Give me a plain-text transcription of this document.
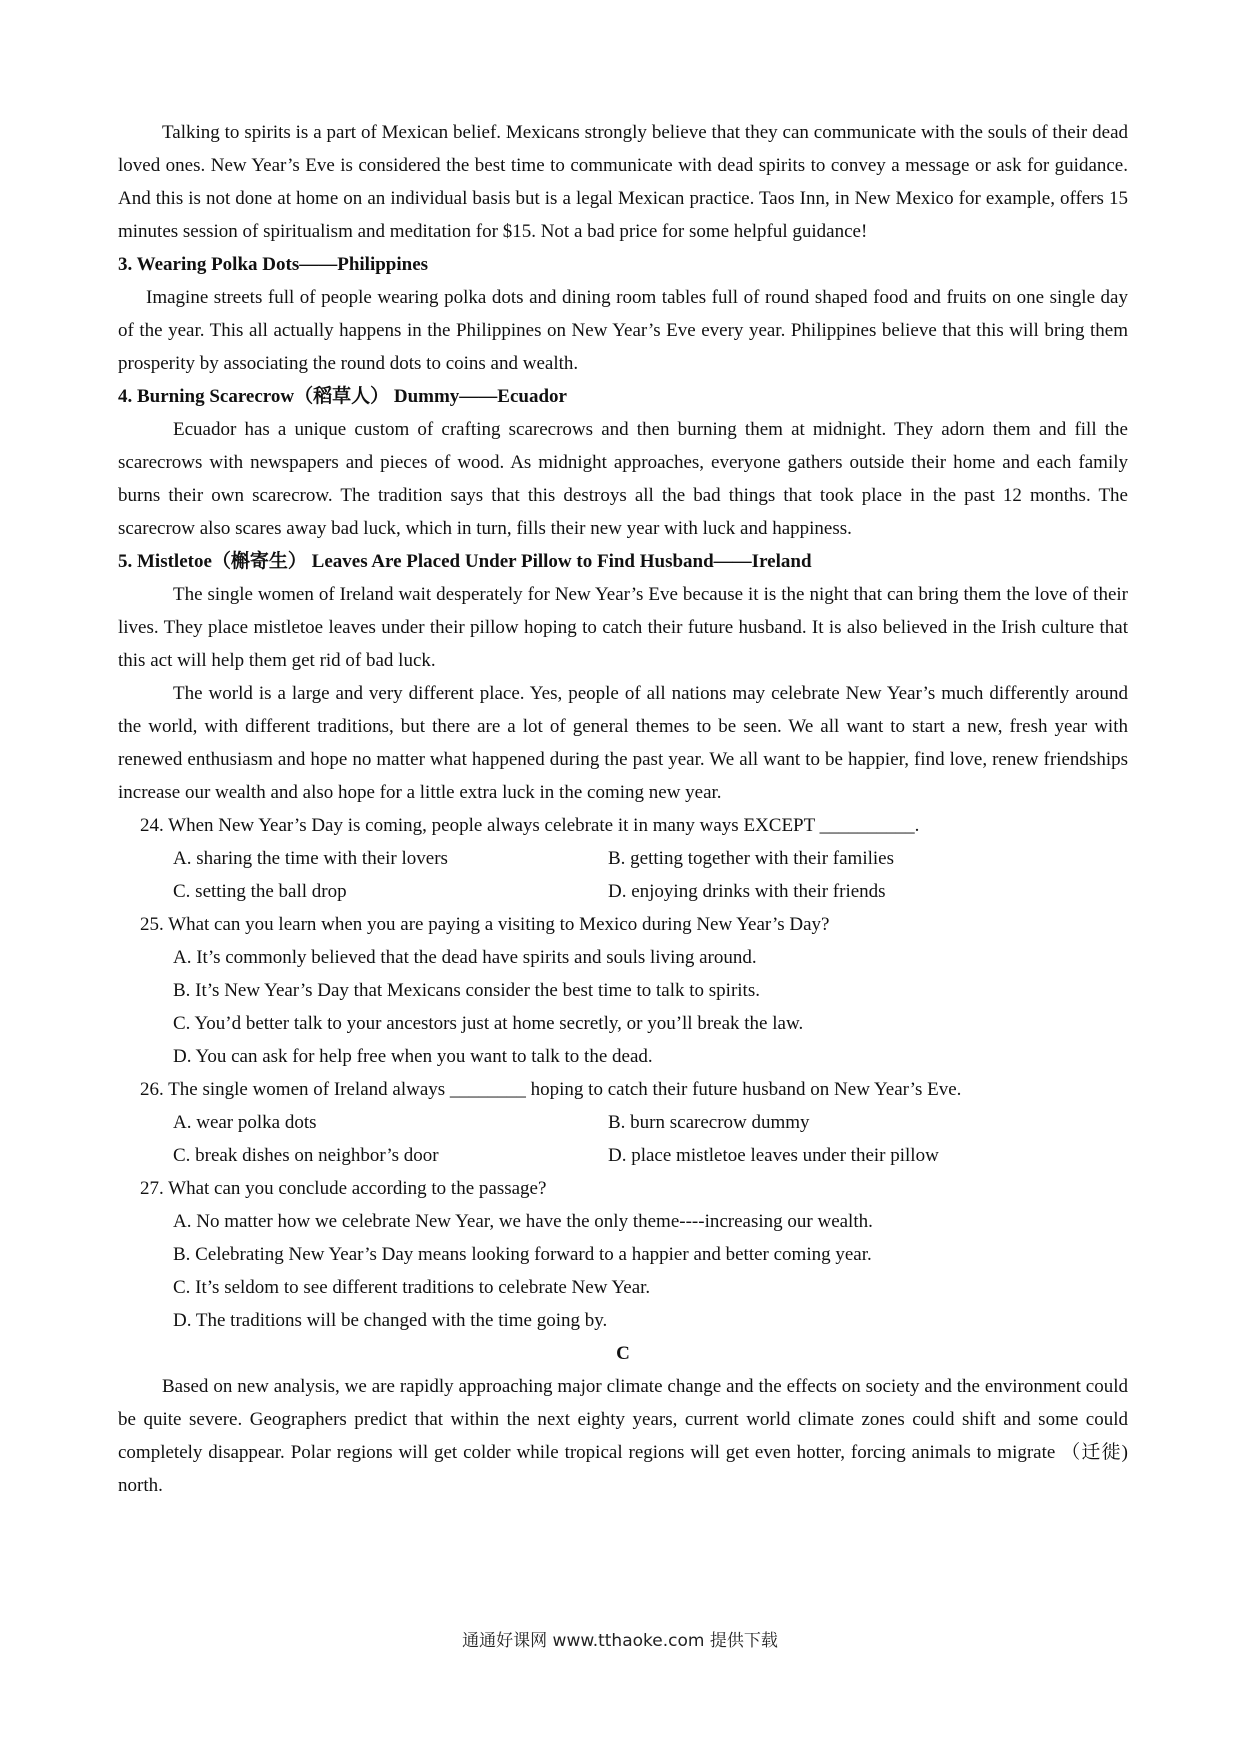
Talking to spirits is a part of Mexican belief. Mexicans strongly believe that they can communicate with the souls of their dead loved ones. New Year’s Eve is considered the best time to communicate with dead spirits to convey a message or ask for guidance. And this is not done at home on an individual basis but is a legal Mexican practice. Taos Inn, in New Mexico for example, offers 15 minutes session of spiritualism and meditation for $15. Not a bad price for some helpful guidance!

3. Wearing Polka Dots——Philippines

Imagine streets full of people wearing polka dots and dining room tables full of round shaped food and fruits on one single day of the year. This all actually happens in the Philippines on New Year’s Eve every year. Philippines believe that this will bring them prosperity by associating the round dots to coins and wealth.

4. Burning Scarecrow（稻草人） Dummy——Ecuador

Ecuador has a unique custom of crafting scarecrows and then burning them at midnight. They adorn them and fill the scarecrows with newspapers and pieces of wood. As midnight approaches, everyone gathers outside their home and each family burns their own scarecrow. The tradition says that this destroys all the bad things that took place in the past 12 months. The scarecrow also scares away bad luck, which in turn, fills their new year with luck and happiness.

5. Mistletoe（槲寄生） Leaves Are Placed Under Pillow to Find Husband——Ireland

The single women of Ireland wait desperately for New Year’s Eve because it is the night that can bring them the love of their lives. They place mistletoe leaves under their pillow hoping to catch their future husband. It is also believed in the Irish culture that this act will help them get rid of bad luck.

The world is a large and very different place. Yes, people of all nations may celebrate New Year’s much differently around the world, with different traditions, but there are a lot of general themes to be seen. We all want to start a new, fresh year with renewed enthusiasm and hope no matter what happened during the past year. We all want to be happier, find love, renew friendships increase our wealth and also hope for a little extra luck in the coming new year.

24. When New Year’s Day is coming, people always celebrate it in many ways EXCEPT __________.

A. sharing the time with their lovers	B. getting together with their families
C. setting the ball drop	D. enjoying drinks with their friends

25. What can you learn when you are paying a visiting to Mexico during New Year’s Day?

A. It’s commonly believed that the dead have spirits and souls living around.

B. It’s New Year’s Day that Mexicans consider the best time to talk to spirits.

C. You’d better talk to your ancestors just at home secretly, or you’ll break the law.

D. You can ask for help free when you want to talk to the dead.

26. The single women of Ireland always ________ hoping to catch their future husband on New Year’s Eve.

A. wear polka dots	B. burn scarecrow dummy
C. break dishes on neighbor’s door	D. place mistletoe leaves under their pillow

27. What can you conclude according to the passage?

A. No matter how we celebrate New Year, we have the only theme----increasing our wealth.

B. Celebrating New Year’s Day means looking forward to a happier and better coming year.

C. It’s seldom to see different traditions to celebrate New Year.

D. The traditions will be changed with the time going by.

C

Based on new analysis, we are rapidly approaching major climate change and the effects on society and the environment could be quite severe. Geographers predict that within the next eighty years, current world climate zones could shift and some could completely disappear. Polar regions will get colder while tropical regions will get even hotter, forcing animals to migrate （迁徙) north.

通通好课网 www.tthaoke.com 提供下载
